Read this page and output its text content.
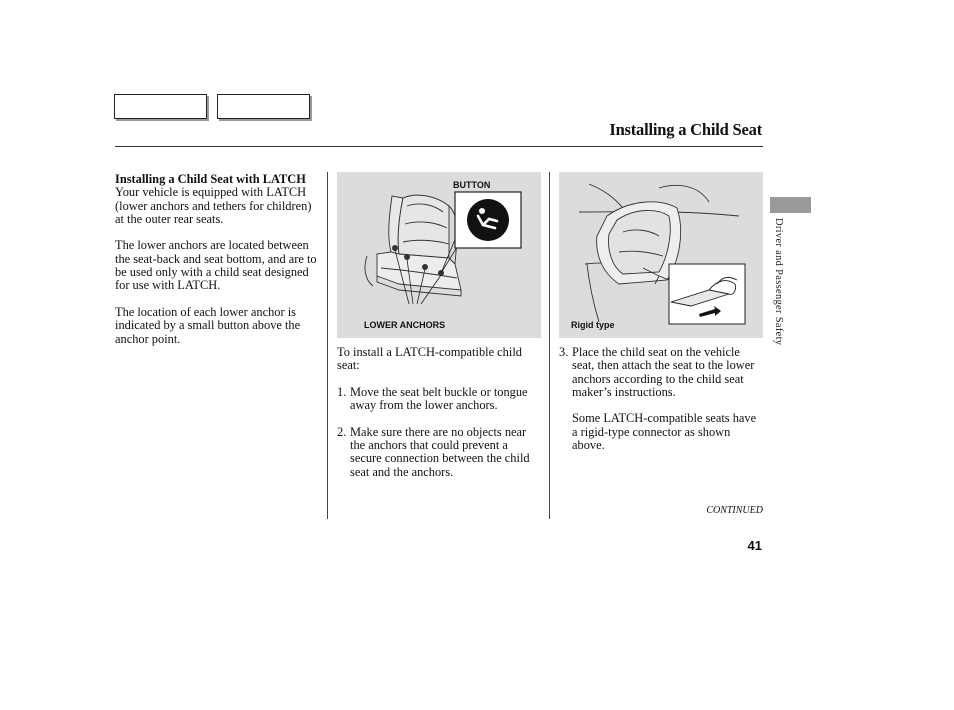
Installing a Child Seat
Installing a Child Seat with LATCH

Your vehicle is equipped with LATCH (lower anchors and tethers for children) at the outer rear seats.

The lower anchors are located between the seat-back and seat bottom, and are to be used only with a child seat designed for use with LATCH.

The location of each lower anchor is indicated by a small button above the anchor point.

BUTTON
LOWER ANCHORS	Rigid type

To install a LATCH-compatible child seat:

1. Move the seat belt buckle or tongue away from the lower anchors.
2. Make sure there are no objects near the anchors that could prevent a secure connection between the child seat and the anchors.
3. Place the child seat on the vehicle seat, then attach the seat to the lower anchors according to the child seat maker’s instructions.

Some LATCH-compatible seats have a rigid-type connector as shown above.

Driver and Passenger Safety
CONTINUED
41
